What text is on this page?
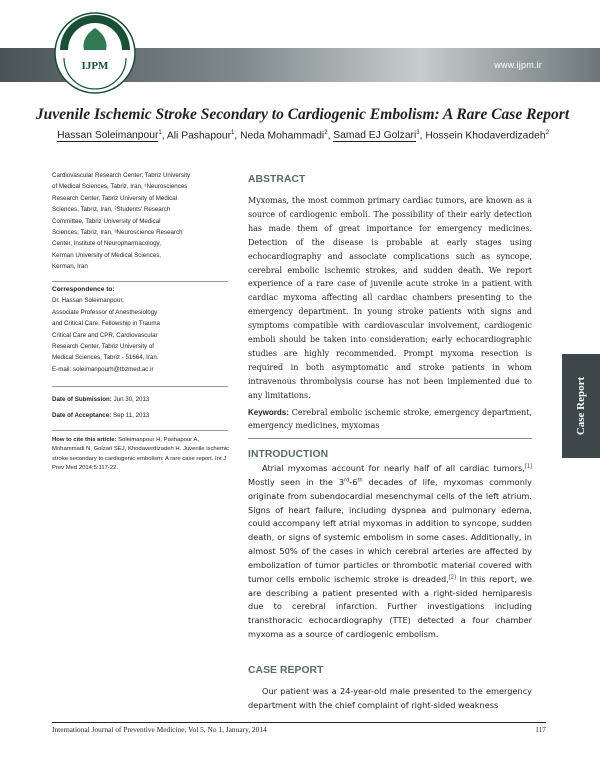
www.ijpm.ir
IJPM
Juvenile Ischemic Stroke Secondary to Cardiogenic Embolism: A Rare Case Report
Hassan Soleimanpour$^1$, Ali Pashapour$^1$, Neda Mohammadi$^2$, Samad EJ Golzari$^3$, Hossein Khodaverdizadeh$^2$
Cardiovascular Research Center, Tabriz University
of Medical Sciences, Tabriz, Iran, ¹Neurosciences
Research Center, Tabriz University of Medical
Sciences, Tabriz, Iran, ²Students' Research
Committee, Tabriz University of Medical
Sciences, Tabriz, Iran, ³Neuroscience Research
Center, Institute of Neuropharmacology,
Kerman University of Medical Sciences,
Kerman, Iran
Correspondence to:
Dr. Hassan Soleimanpour,
Associate Professor of Anesthesiology
and Critical Care, Fellowship in Trauma
Critical Care and CPR, Cardiovascular
Research Center, Tabriz University of
Medical Sciences, Tabriz - 51664, Iran.
E-mail: soleimanpourh@tbzmed.ac.ir
Date of Submission: Jun 30, 2013
Date of Acceptance: Sep 11, 2013
How to cite this article: Soleimanpour H, Pashapour A, Mohammadi N, Golzari SEJ, Khodaverdizadeh H. Juvenile ischemic stroke secondary to cardiogenic embolism: A rare case report. Int J Prev Med 2014;5:117-22.
ABSTRACT
Myxomas, the most common primary cardiac tumors, are known as a source of cardiogenic emboli. The possibility of their early detection has made them of great importance for emergency medicines. Detection of the disease is probable at early stages using echocardiography and associate complications such as syncope, cerebral embolic ischemic strokes, and sudden death. We report experience of a rare case of juvenile acute stroke in a patient with cardiac myxoma affecting all cardiac chambers presenting to the emergency department. In young stroke patients with signs and symptoms compatible with cardiovascular involvement, cardiogenic emboli should be taken into consideration; early echocardiographic studies are highly recommended. Prompt myxoma resection is required in both asymptomatic and stroke patients in whom intravenous thrombolysis course has not been implemented due to any limitations.
Keywords: Cerebral embolic ischemic stroke, emergency department, emergency medicines, myxomas
INTRODUCTION

Atrial myxomas account for nearly half of all cardiac tumors,[1] Mostly seen in the 3rd-6th decades of life, myxomas commonly originate from subendocardial mesenchymal cells of the left atrium. Signs of heart failure, including dyspnea and pulmonary edema, could accompany left atrial myxomas in addition to syncope, sudden death, or signs of systemic embolism in some cases. Additionally, in almost 50% of the cases in which cerebral arteries are affected by embolization of tumor particles or thrombotic material covered with tumor cells embolic ischemic stroke is dreaded,[2] In this report, we are describing a patient presented with a right-sided hemiparesis due to cerebral infarction. Further investigations including transthoracic echocardiography (TTE) detected a four chamber myxoma as a source of cardiogenic embolism.

CASE REPORT

Our patient was a 24-year-old male presented to the emergency department with the chief complaint of right-sided weakness

Case Report
International Journal of Preventive Medicine, Vol 5, No 1, January, 2014	117
